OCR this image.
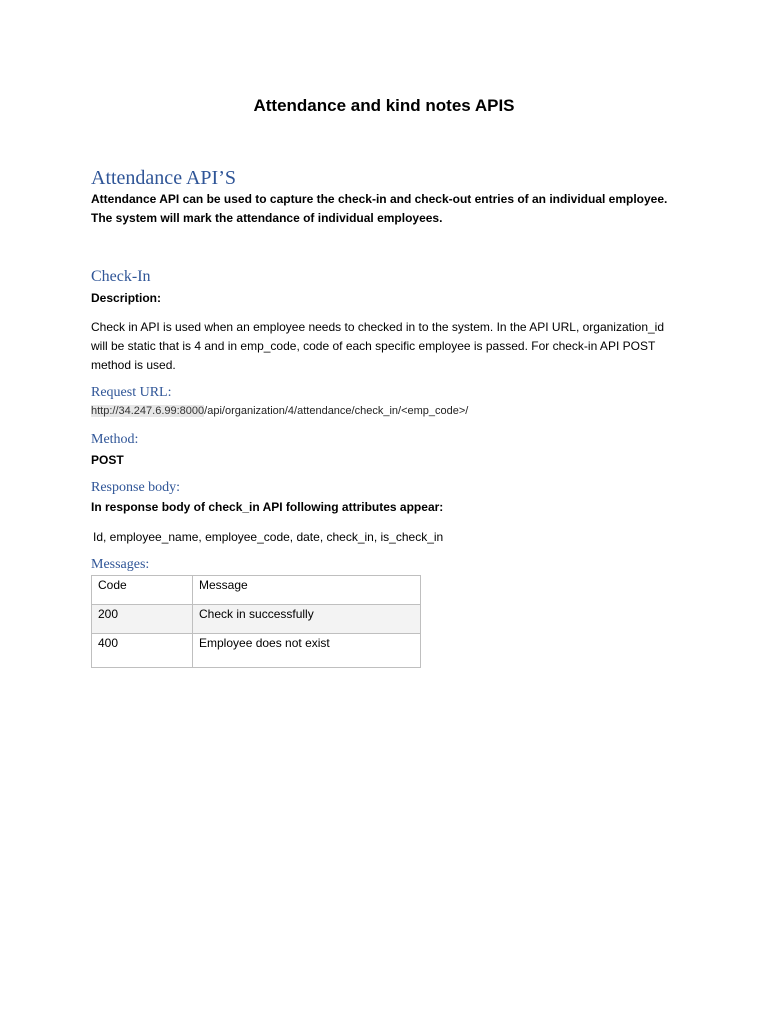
Attendance and kind notes APIS
Attendance API’S
Attendance API can be used to capture the check-in and check-out entries of an individual employee. The system will mark the attendance of individual employees.
Check-In
Description:
Check in API is used when an employee needs to checked in to the system. In the API URL, organization_id will be static that is 4 and in emp_code, code of each specific employee is passed. For check-in API POST method is used.
Request URL:
http://34.247.6.99:8000/api/organization/4/attendance/check_in/<emp_code>/
Method:
POST
Response body:
In response body of check_in API following attributes appear:
Id, employee_name, employee_code, date, check_in, is_check_in
Messages:
Code	Message
200	Check in successfully
400	Employee does not exist
